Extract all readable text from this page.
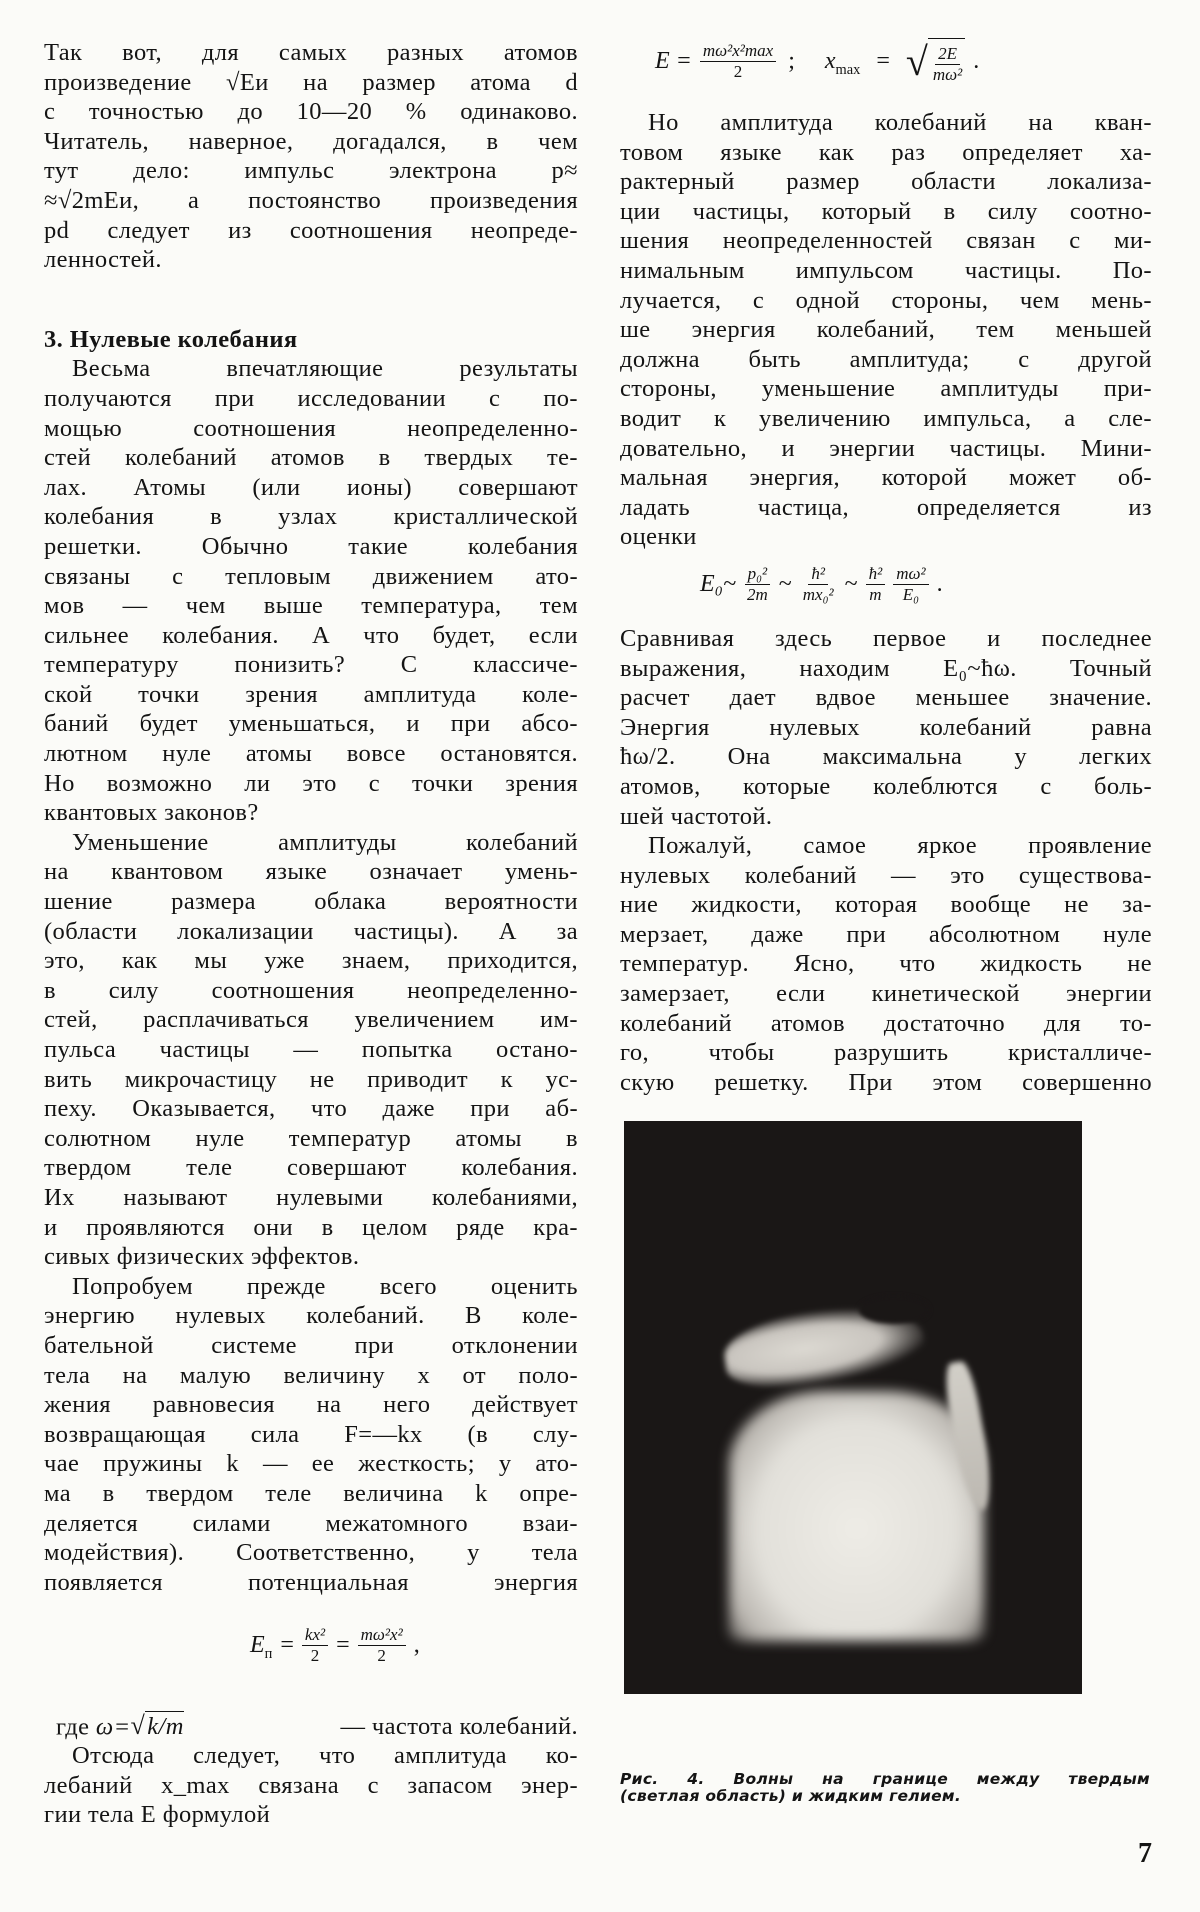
Так вот, для самых разных атомов
произведение √Eи на размер атома d
с точностью до 10—20 % одинаково.
Читатель, наверное, догадался, в чем
тут дело: импульс электрона p≈
≈√2mEи, а постоянство произведения
pd следует из соотношения неопреде-
ленностей.
3. Нулевые колебания
Весьма впечатляющие результаты
получаются при исследовании с по-
мощью соотношения неопределенно-
стей колебаний атомов в твердых те-
лах. Атомы (или ионы) совершают
колебания в узлах кристаллической
решетки. Обычно такие колебания
связаны с тепловым движением ато-
мов — чем выше температура, тем
сильнее колебания. А что будет, если
температуру понизить? С классиче-
ской точки зрения амплитуда коле-
баний будет уменьшаться, и при абсо-
лютном нуле атомы вовсе остановятся.
Но возможно ли это с точки зрения
квантовых законов?
Уменьшение амплитуды колебаний
на квантовом языке означает умень-
шение размера облака вероятности
(области локализации частицы). А за
это, как мы уже знаем, приходится,
в силу соотношения неопределенно-
стей, расплачиваться увеличением им-
пульса частицы — попытка остано-
вить микрочастицу не приводит к ус-
пеху. Оказывается, что даже при аб-
солютном нуле температур атомы в
твердом теле совершают колебания.
Их называют нулевыми колебаниями,
и проявляются они в целом ряде кра-
сивых физических эффектов.
Попробуем прежде всего оценить
энергию нулевых колебаний. В коле-
бательной системе при отклонении
тела на малую величину x от поло-
жения равновесия на него действует
возвращающая сила F=—kx (в слу-
чае пружины k — ее жесткость; у ато-
ма в твердом теле величина k опре-
деляется силами межатомного взаи-
модействия). Соответственно, у тела
появляется потенциальная энергия
$E_п = \frac{\text{kx²}}{2} = \frac{\text{mω²x²}}{2}$ ,
где ω= √ k/m	— частота колебаний.
Отсюда следует, что амплитуда ко-
лебаний x_max связана с запасом энер-
гии тела E формулой
$E = \frac{\text{mω²x²max}}{2}$ ; $x_{max}$ = √ $\frac{2E}{\text{mω²}}$ .
Но амплитуда колебаний на кван-
товом языке как раз определяет ха-
рактерный размер области локализа-
ции частицы, который в силу соотно-
шения неопределенностей связан с ми-
нимальным импульсом частицы. По-
лучается, с одной стороны, чем мень-
ше энергия колебаний, тем меньшей
должна быть амплитуда; с другой
стороны, уменьшение амплитуды при-
водит к увеличению импульса, а сле-
довательно, и энергии частицы. Мини-
мальная энергия, которой может об-
ладать частица, определяется из
оценки
E₀~ $\frac{\text{p₀²}}{2m}$ ~ $\frac{\text{ħ²}}{\text{mx₀²}}$ ~ $\frac{\text{ħ²}}{m} \frac{\text{mω²}}{\text{E₀}}$ .
Сравнивая здесь первое и последнее
выражения, находим E₀~ħω. Точный
расчет дает вдвое меньшее значение.
Энергия нулевых колебаний равна
ħω/2. Она максимальна у легких
атомов, которые колеблются с боль-
шей частотой.
Пожалуй, самое яркое проявление
нулевых колебаний — это существова-
ние жидкости, которая вообще не за-
мерзает, даже при абсолютном нуле
температур. Ясно, что жидкость не
замерзает, если кинетической энергии
колебаний атомов достаточно для то-
го, чтобы разрушить кристалличе-
скую решетку. При этом совершенно
Рис. 4. Волны на границе между твердым
(светлая область) и жидким гелием.
7
